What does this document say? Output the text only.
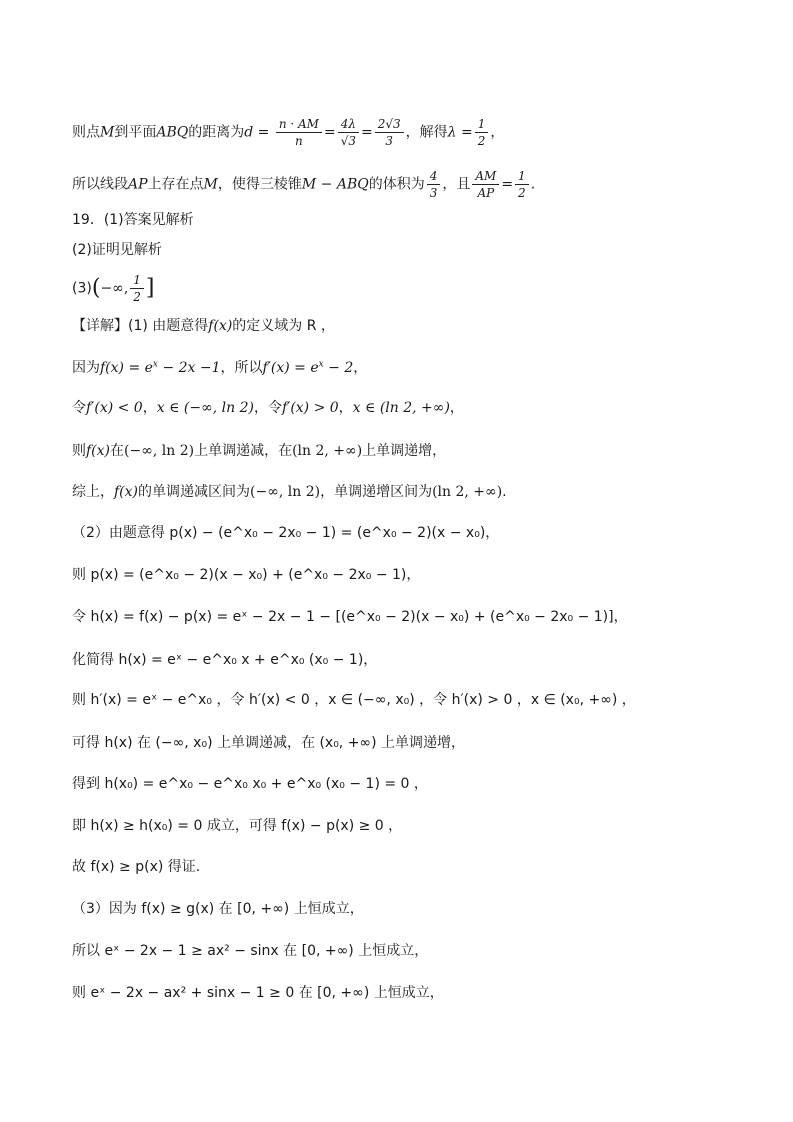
则点M到平面ABQ的距离为$d = \frac{n \cdot AM}{n} = \frac{4\lambda}{√3} = \frac{2√3}{3}$ ，解得$\lambda = \frac{1}{2}$ ，
所以线段AP上存在点M，使得三棱锥M − ABQ的体积为 $\frac{4}{3}$ ，且 $\frac{AM}{AP} = \frac{1}{2}$ .
19．(1)答案见解析
(2)证明见解析
(3)(−∞, $\frac{1}{2}$ ]
【详解】(1) 由题意得f(x)的定义域为 R ，
因为$f(x) = e^x - 2x -1$，所以$f'(x) = e^x - 2$，
令f′(x) < 0，x ∈ (−∞, ln 2)，令f′(x) > 0，x ∈ (ln 2, +∞)，
则f(x)在(−∞, ln 2)上单调递减，在(ln 2, +∞)上单调递增，
综上，f(x)的单调递减区间为(−∞, ln 2)，单调递增区间为(ln 2, +∞).
（2）由题意得 p(x) − (e^x₀ − 2x₀ − 1) = (e^x₀ − 2)(x − x₀)，
则 p(x) = (e^x₀ − 2)(x − x₀) + (e^x₀ − 2x₀ − 1)，
令 h(x) = f(x) − p(x) = eˣ − 2x − 1 − [(e^x₀ − 2)(x − x₀) + (e^x₀ − 2x₀ − 1)]，
化简得 h(x) = eˣ − e^x₀ x + e^x₀ (x₀ − 1)，
则 h′(x) = eˣ − e^x₀ ，令 h′(x) < 0 ，x ∈ (−∞, x₀) ，令 h′(x) > 0 ，x ∈ (x₀, +∞) ，
可得 h(x) 在 (−∞, x₀) 上单调递减，在 (x₀, +∞) 上单调递增，
得到 h(x₀) = e^x₀ − e^x₀ x₀ + e^x₀ (x₀ − 1) = 0 ，
即 h(x) ≥ h(x₀) = 0 成立，可得 f(x) − p(x) ≥ 0 ，
故 f(x) ≥ p(x) 得证.
（3）因为 f(x) ≥ g(x) 在 [0, +∞) 上恒成立，
所以 eˣ − 2x − 1 ≥ ax² − sinx 在 [0, +∞) 上恒成立，
则 eˣ − 2x − ax² + sinx − 1 ≥ 0 在 [0, +∞) 上恒成立，
